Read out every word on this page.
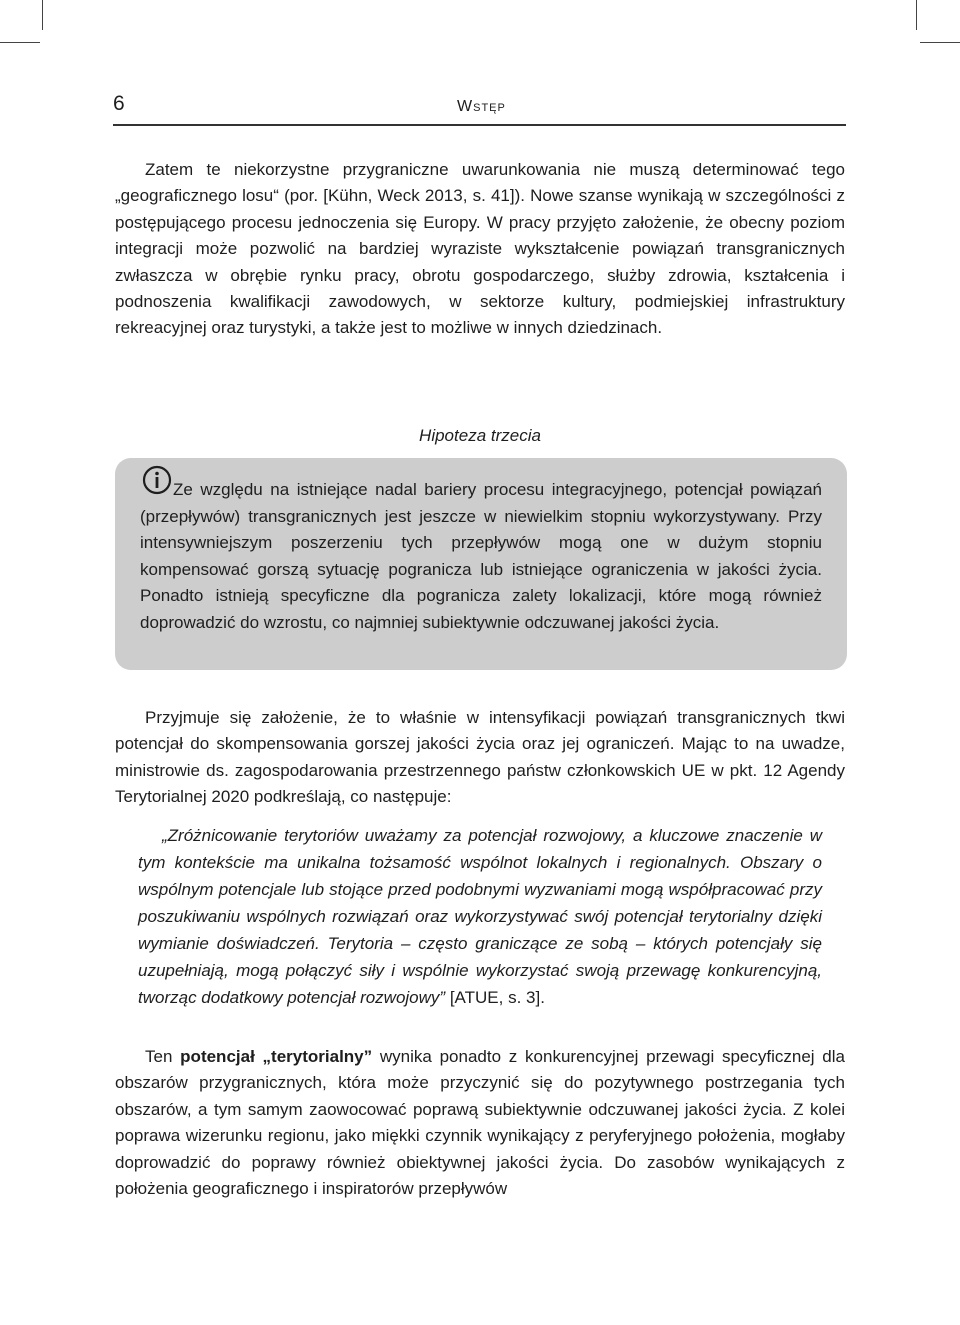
6	Wstęp

Zatem te niekorzystne przygraniczne uwarunkowania nie muszą determinować tego „geograficznego losu“ (por. [Kühn, Weck 2013, s. 41]). Nowe szanse wynikają w szczególności z postępującego procesu jednoczenia się Europy. W pracy przyjęto założenie, że obecny poziom integracji może pozwolić na bardziej wyraziste wykształcenie powiązań transgranicznych zwłaszcza w obrębie rynku pracy, obrotu gospodarczego, służby zdrowia, kształcenia i podnoszenia kwalifikacji zawodowych, w sektorze kultury, podmiejskiej infrastruktury rekreacyjnej oraz turystyki, a także jest to możliwe w innych dziedzinach.

Hipoteza trzecia

Ze względu na istniejące nadal bariery procesu integracyjnego, potencjał powiązań (przepływów) transgranicznych jest jeszcze w niewielkim stopniu wykorzystywany. Przy intensywniejszym poszerzeniu tych przepływów mogą one w dużym stopniu kompensować gorszą sytuację pogranicza lub istniejące ograniczenia w jakości życia. Ponadto istnieją specyficzne dla pogranicza zalety lokalizacji, które mogą również doprowadzić do wzrostu, co najmniej subiektywnie odczuwanej jakości życia.

Przyjmuje się założenie, że to właśnie w intensyfikacji powiązań transgranicznych tkwi potencjał do skompensowania gorszej jakości życia oraz jej ograniczeń. Mając to na uwadze, ministrowie ds. zagospodarowania przestrzennego państw członkowskich UE w pkt. 12 Agendy Terytorialnej 2020 podkreślają, co następuje:

„Zróżnicowanie terytoriów uważamy za potencjał rozwojowy, a kluczowe znaczenie w tym kontekście ma unikalna tożsamość wspólnot lokalnych i regionalnych. Obszary o wspólnym potencjale lub stojące przed podobnymi wyzwaniami mogą współpracować przy poszukiwaniu wspólnych rozwiązań oraz wykorzystywać swój potencjał terytorialny dzięki wymianie doświadczeń. Terytoria – często graniczące ze sobą – których potencjały się uzupełniają, mogą połączyć siły i wspólnie wykorzystać swoją przewagę konkurencyjną, tworząc dodatkowy potencjał rozwojowy” [ATUE, s. 3].

Ten potencjał „terytorialny” wynika ponadto z konkurencyjnej przewagi specyficznej dla obszarów przygranicznych, która może przyczynić się do pozytywnego postrzegania tych obszarów, a tym samym zaowocować poprawą subiektywnie odczuwanej jakości życia. Z kolei poprawa wizerunku regionu, jako miękki czynnik wynikający z peryferyjnego położenia, mogłaby doprowadzić do poprawy również obiektywnej jakości życia. Do zasobów wynikających z położenia geograficznego i inspiratorów przepływów
